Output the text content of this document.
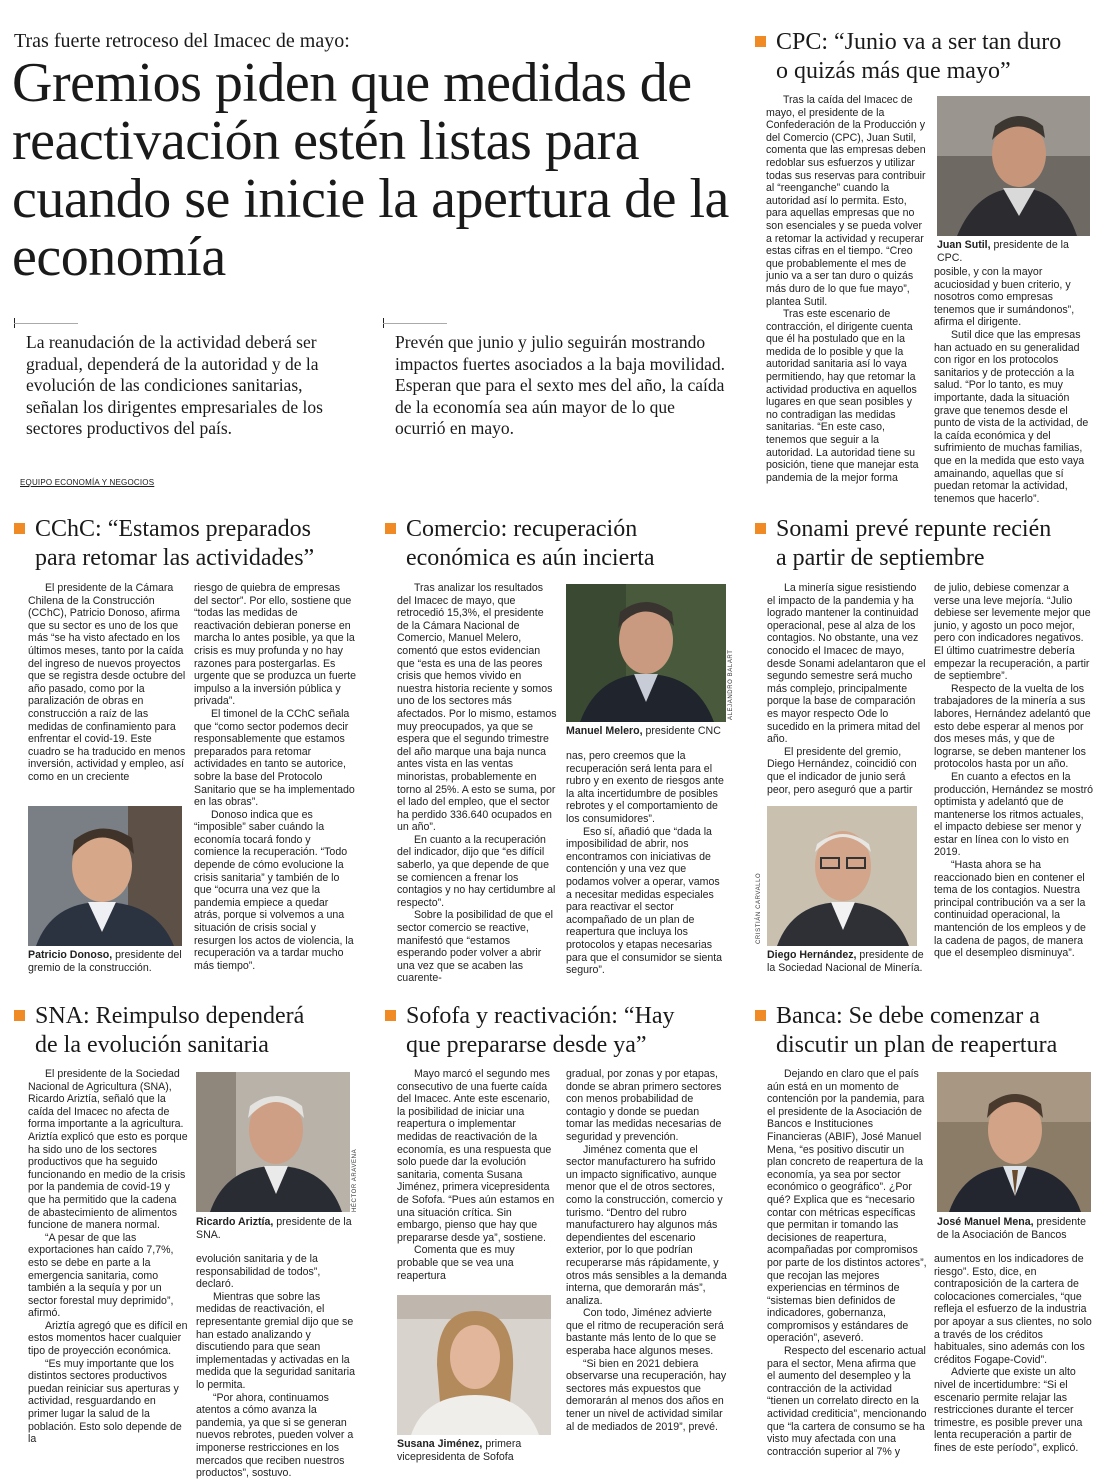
Tras fuerte retroceso del Imacec de mayo:
Gremios piden que medidas de reactivación estén listas para cuando se inicie la apertura de la economía
La reanudación de la actividad deberá ser gradual, dependerá de la autoridad y de la evolución de las condiciones sanitarias, señalan los dirigentes empresariales de los sectores productivos del país.
Prevén que junio y julio seguirán mostrando impactos fuertes asociados a la baja movilidad. Esperan que para el sexto mes del año, la caída de la economía sea aún mayor de lo que ocurrió en mayo.
EQUIPO ECONOMÍA Y NEGOCIOS
CPC: “Junio va a ser tan duro
o quizás más que mayo”

Tras la caída del Imacec de mayo, el presidente de la Confederación de la Producción y del Comercio (CPC), Juan Sutil, comenta que las empresas deben redoblar sus esfuerzos y utilizar todas sus reservas para contribuir al “reenganche” cuando la autoridad así lo permita. Esto, para aquellas empresas que no son esenciales y se pueda volver a retomar la actividad y recuperar estas cifras en el tiempo. “Creo que probablemente el mes de junio va a ser tan duro o quizás más duro de lo que fue mayo”, plantea Sutil.

Tras este escenario de contracción, el dirigente cuenta que él ha postulado que en la medida de lo posible y que la autoridad sanitaria así lo vaya permitiendo, hay que retomar la actividad productiva en aquellos lugares en que sean posibles y no contradigan las medidas sanitarias. “En este caso, tenemos que seguir a la autoridad. La autoridad tiene su posición, tiene que manejar esta pandemia de la mejor forma

Juan Sutil, presidente de la CPC.

posible, y con la mayor acuciosidad y buen criterio, y nosotros como empresas tenemos que ir sumándonos”, afirma el dirigente.

Sutil dice que las empresas han actuado en su generalidad con rigor en los protocolos sanitarios y de protección a la salud. “Por lo tanto, es muy importante, dada la situación grave que tenemos desde el punto de vista de la actividad, de la caída económica y del sufrimiento de muchas familias, que en la medida que esto vaya amainando, aquellas que sí puedan retomar la actividad, tenemos que hacerlo”.

CChC: “Estamos preparados
para retomar las actividades”

El presidente de la Cámara Chilena de la Construcción (CChC), Patricio Donoso, afirma que su sector es uno de los que más “se ha visto afectado en los últimos meses, tanto por la caída del ingreso de nuevos proyectos que se registra desde octubre del año pasado, como por la paralización de obras en construcción a raíz de las medidas de confinamiento para enfrentar el covid-19. Este cuadro se ha traducido en menos inversión, actividad y empleo, así como en un creciente

Patricio Donoso, presidente del gremio de la construcción.

riesgo de quiebra de empresas del sector”. Por ello, sostiene que “todas las medidas de reactivación debieran ponerse en marcha lo antes posible, ya que la crisis es muy profunda y no hay razones para postergarlas. Es urgente que se produzca un fuerte impulso a la inversión pública y privada”.

El timonel de la CChC señala que “como sector podemos decir responsablemente que estamos preparados para retomar actividades en tanto se autorice, sobre la base del Protocolo Sanitario que se ha implementado en las obras”.

Donoso indica que es “imposible” saber cuándo la economía tocará fondo y comience la recuperación. “Todo depende de cómo evolucione la crisis sanitaria” y también de lo que “ocurra una vez que la pandemia empiece a quedar atrás, porque si volvemos a una situación de crisis social y resurgen los actos de violencia, la recuperación va a tardar mucho más tiempo”.

Comercio: recuperación
económica es aún incierta

Tras analizar los resultados del Imacec de mayo, que retrocedió 15,3%, el presidente de la Cámara Nacional de Comercio, Manuel Melero, comentó que estos evidencian que “esta es una de las peores crisis que hemos vivido en nuestra historia reciente y somos uno de los sectores más afectados. Por lo mismo, estamos muy preocupados, ya que se espera que el segundo trimestre del año marque una baja nunca antes vista en las ventas minoristas, probablemente en torno al 25%. A esto se suma, por el lado del empleo, que el sector ha perdido 336.640 ocupados en un año”.

En cuanto a la recuperación del indicador, dijo que “es difícil saberlo, ya que depende de que se comiencen a frenar los contagios y no hay certidumbre al respecto”.

Sobre la posibilidad de que el sector comercio se reactive, manifestó que “estamos esperando poder volver a abrir una vez que se acaben las cuarente-

ALEJANDRO BALART
Manuel Melero, presidente CNC

nas, pero creemos que la recuperación será lenta para el rubro y en exento de riesgos ante la alta incertidumbre de posibles rebrotes y el comportamiento de los consumidores”.

Eso sí, añadió que “dada la imposibilidad de abrir, nos encontramos con iniciativas de contención y una vez que podamos volver a operar, vamos a necesitar medidas especiales para reactivar el sector acompañado de un plan de reapertura que incluya los protocolos y etapas necesarias para que el consumidor se sienta seguro”.

Sonami prevé repunte recién
a partir de septiembre

La minería sigue resistiendo el impacto de la pandemia y ha logrado mantener la continuidad operacional, pese al alza de los contagios. No obstante, una vez conocido el Imacec de mayo, desde Sonami adelantaron que el segundo semestre será mucho más complejo, principalmente porque la base de comparación es mayor respecto Ode lo sucedido en la primera mitad del año.

El presidente del gremio, Diego Hernández, coincidió con que el indicador de junio será peor, pero aseguró que a partir

CRISTIÁN CARVALLO
Diego Hernández, presidente de la Sociedad Nacional de Minería.

de julio, debiese comenzar a verse una leve mejoría. “Julio debiese ser levemente mejor que junio, y agosto un poco mejor, pero con indicadores negativos. El último cuatrimestre debería empezar la recuperación, a partir de septiembre”.

Respecto de la vuelta de los trabajadores de la minería a sus labores, Hernández adelantó que esto debe esperar al menos por dos meses más, y que de lograrse, se deben mantener los protocolos hasta por un año.

En cuanto a efectos en la producción, Hernández se mostró optimista y adelantó que de mantenerse los ritmos actuales, el impacto debiese ser menor y estar en línea con lo visto en 2019.

“Hasta ahora se ha reaccionado bien en contener el tema de los contagios. Nuestra principal contribución va a ser la continuidad operacional, la mantención de los empleos y de la cadena de pagos, de manera que el desempleo disminuya”.

SNA: Reimpulso dependerá
de la evolución sanitaria

El presidente de la Sociedad Nacional de Agricultura (SNA), Ricardo Ariztía, señaló que la caída del Imacec no afecta de forma importante a la agricultura. Ariztía explicó que esto es porque ha sido uno de los sectores productivos que ha seguido funcionando en medio de la crisis por la pandemia de covid-19 y que ha permitido que la cadena de abastecimiento de alimentos funcione de manera normal.

“A pesar de que las exportaciones han caído 7,7%, esto se debe en parte a la emergencia sanitaria, como también a la sequía y por un sector forestal muy deprimido”, afirmó.

Ariztía agregó que es difícil en estos momentos hacer cualquier tipo de proyección económica.

“Es muy importante que los distintos sectores productivos puedan reiniciar sus aperturas y actividad, resguardando en primer lugar la salud de la población. Esto solo depende de la

HÉCTOR ARAVENA
Ricardo Ariztía, presidente de la SNA.

evolución sanitaria y de la responsabilidad de todos”, declaró.

Mientras que sobre las medidas de reactivación, el representante gremial dijo que se han estado analizando y discutiendo para que sean implementadas y activadas en la medida que la seguridad sanitaria lo permita.

“Por ahora, continuamos atentos a cómo avanza la pandemia, ya que si se generan nuevos rebrotes, pueden volver a imponerse restricciones en los mercados que reciben nuestros productos”, sostuvo.

Sofofa y reactivación: “Hay
que prepararse desde ya”

Mayo marcó el segundo mes consecutivo de una fuerte caída del Imacec. Ante este escenario, la posibilidad de iniciar una reapertura o implementar medidas de reactivación de la economía, es una respuesta que solo puede dar la evolución sanitaria, comenta Susana Jiménez, primera vicepresidenta de Sofofa. “Pues aún estamos en una situación crítica. Sin embargo, pienso que hay que prepararse desde ya”, sostiene.

Comenta que es muy probable que se vea una reapertura

Susana Jiménez, primera vicepresidenta de Sofofa

gradual, por zonas y por etapas, donde se abran primero sectores con menos probabilidad de contagio y donde se puedan tomar las medidas necesarias de seguridad y prevención.

Jiménez comenta que el sector manufacturero ha sufrido un impacto significativo, aunque menor que el de otros sectores, como la construcción, comercio y turismo. “Dentro del rubro manufacturero hay algunos más dependientes del escenario exterior, por lo que podrían recuperarse más rápidamente, y otros más sensibles a la demanda interna, que demorarán más”, analiza.

Con todo, Jiménez advierte que el ritmo de recuperación será bastante más lento de lo que se esperaba hace algunos meses.

“Si bien en 2021 debiera observarse una recuperación, hay sectores más expuestos que demorarán al menos dos años en tener un nivel de actividad similar al de mediados de 2019”, prevé.

Banca: Se debe comenzar a
discutir un plan de reapertura

Dejando en claro que el país aún está en un momento de contención por la pandemia, para el presidente de la Asociación de Bancos e Instituciones Financieras (ABIF), José Manuel Mena, “es positivo discutir un plan concreto de reapertura de la economía, ya sea por sector económico o geográfico”. ¿Por qué? Explica que es “necesario contar con métricas específicas que permitan ir tomando las decisiones de reapertura, acompañadas por compromisos por parte de los distintos actores”, que recojan las mejores experiencias en términos de “sistemas bien definidos de indicadores, gobernanza, compromisos y estándares de operación”, aseveró.

Respecto del escenario actual para el sector, Mena afirma que el aumento del desempleo y la contracción de la actividad “tienen un correlato directo en la actividad crediticia”, mencionando que “la cartera de consumo se ha visto muy afectada con una contracción superior al 7% y

José Manuel Mena, presidente de la Asociación de Bancos

aumentos en los indicadores de riesgo”. Esto, dice, en contraposición de la cartera de colocaciones comerciales, “que refleja el esfuerzo de la industria por apoyar a sus clientes, no solo a través de los créditos habituales, sino además con los créditos Fogape-Covid”.

Advierte que existe un alto nivel de incertidumbre: “Si el escenario permite relajar las restricciones durante el tercer trimestre, es posible prever una lenta recuperación a partir de fines de este período”, explicó.
